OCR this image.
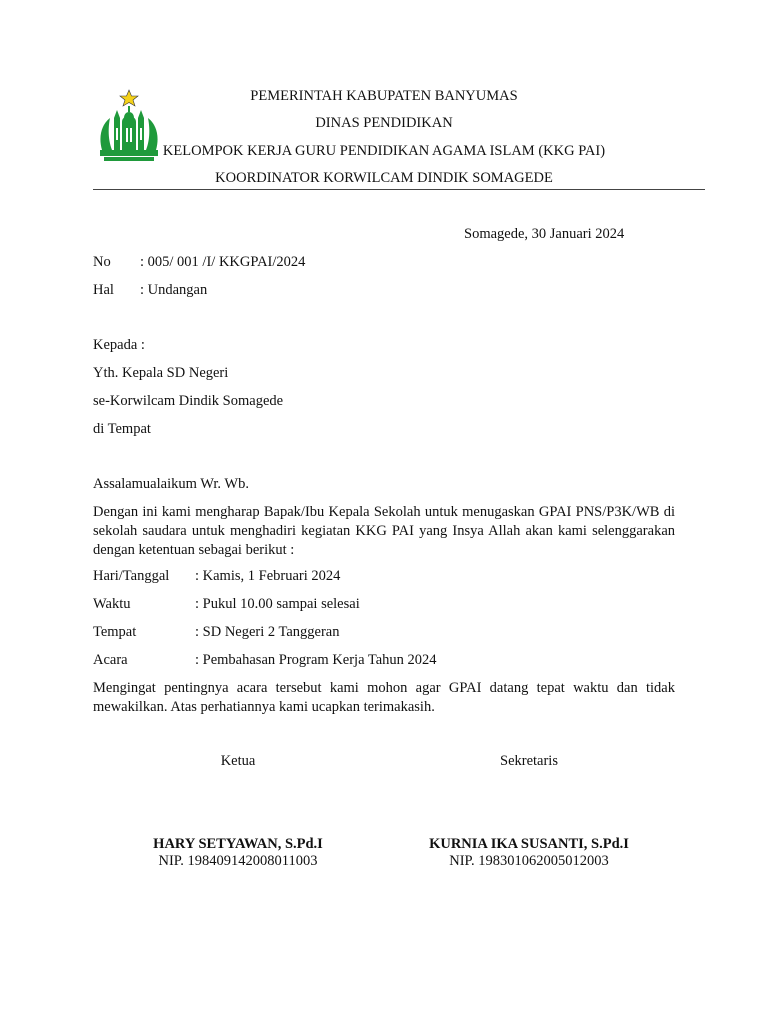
PEMERINTAH KABUPATEN BANYUMAS
DINAS PENDIDIKAN
KELOMPOK KERJA GURU PENDIDIKAN AGAMA ISLAM (KKG PAI)
KOORDINATOR KORWILCAM DINDIK SOMAGEDE
Somagede, 30 Januari 2024
No : 005/ 001 /I/ KKGPAI/2024
Hal : Undangan
Kepada :
Yth. Kepala SD Negeri
se-Korwilcam Dindik Somagede
di Tempat
Assalamualaikum Wr. Wb.
Dengan ini kami mengharap Bapak/Ibu Kepala Sekolah untuk menugaskan GPAI PNS/P3K/WB di sekolah saudara untuk menghadiri kegiatan KKG PAI yang Insya Allah akan kami selenggarakan dengan ketentuan sebagai berikut :
Hari/Tanggal : Kamis, 1 Februari 2024
Waktu	: Pukul 10.00 sampai selesai
Tempat	: SD Negeri 2 Tanggeran
Acara	: Pembahasan Program Kerja Tahun 2024
Mengingat pentingnya acara tersebut kami mohon agar GPAI datang tepat waktu dan tidak mewakilkan. Atas perhatiannya kami ucapkan terimakasih.
Ketua	Sekretaris
HARY SETYAWAN, S.Pd.I
NIP. 198409142008011003
KURNIA IKA SUSANTI, S.Pd.I
NIP. 198301062005012003
